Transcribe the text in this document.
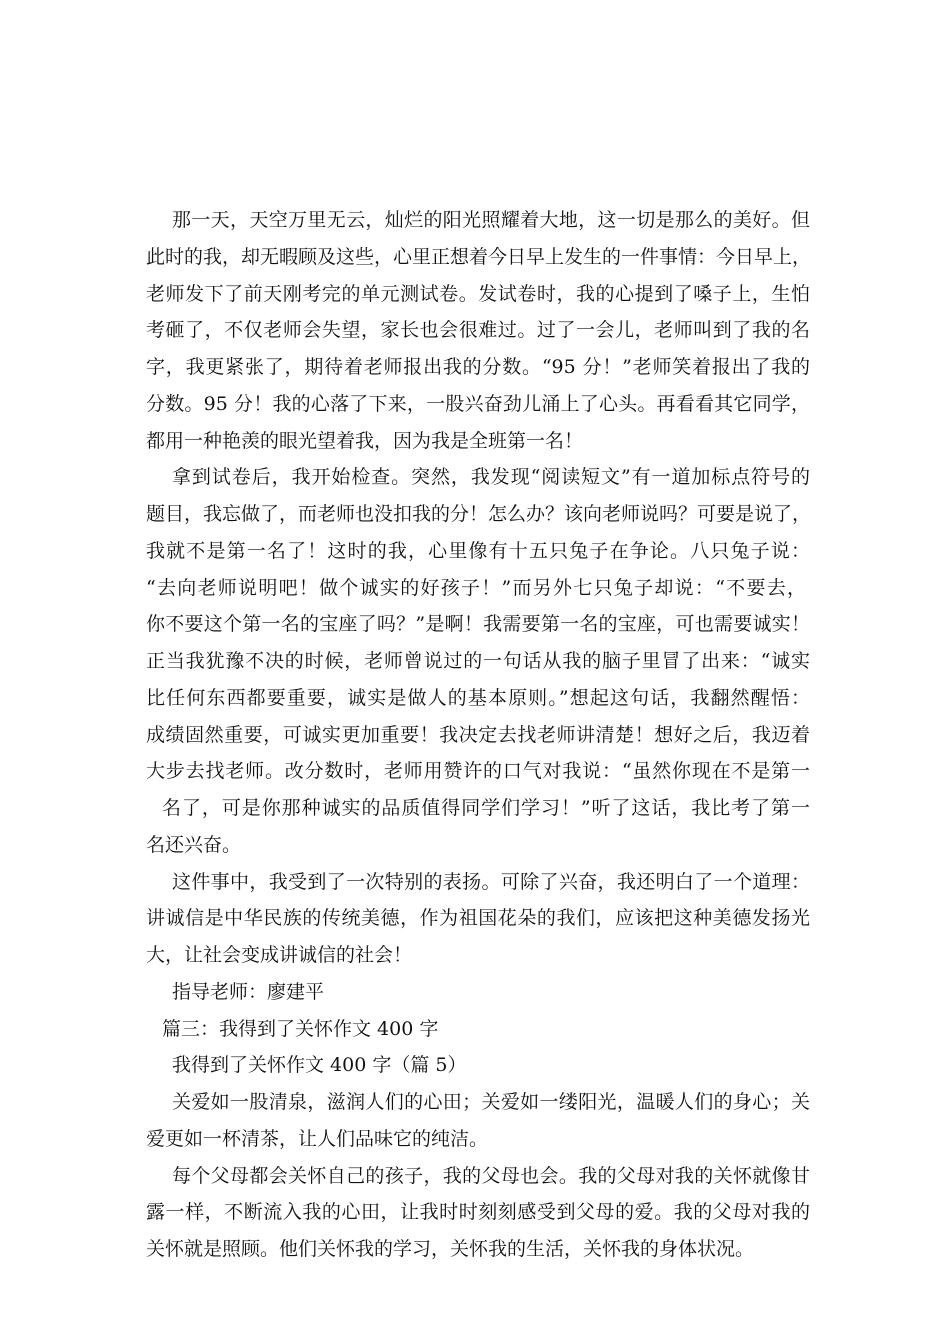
那一天，天空万里无云，灿烂的阳光照耀着大地，这一切是那么的美好。但
此时的我，却无暇顾及这些，心里正想着今日早上发生的一件事情：今日早上，
老师发下了前天刚考完的单元测试卷。发试卷时，我的心提到了嗓子上，生怕
考砸了，不仅老师会失望，家长也会很难过。过了一会儿，老师叫到了我的名
字，我更紧张了，期待着老师报出我的分数。“95 分！”老师笑着报出了我的
分数。95 分！我的心落了下来，一股兴奋劲儿涌上了心头。再看看其它同学，
都用一种艳羡的眼光望着我，因为我是全班第一名！
拿到试卷后，我开始检查。突然，我发现“阅读短文”有一道加标点符号的
题目，我忘做了，而老师也没扣我的分！怎么办？该向老师说吗？可要是说了，
我就不是第一名了！这时的我，心里像有十五只兔子在争论。八只兔子说：
“去向老师说明吧！做个诚实的好孩子！”而另外七只兔子却说：“不要去，
你不要这个第一名的宝座了吗？”是啊！我需要第一名的宝座，可也需要诚实！
正当我犹豫不决的时候，老师曾说过的一句话从我的脑子里冒了出来：“诚实
比任何东西都要重要，诚实是做人的基本原则。”想起这句话，我翻然醒悟：
成绩固然重要，可诚实更加重要！我决定去找老师讲清楚！想好之后，我迈着
大步去找老师。改分数时，老师用赞许的口气对我说：“虽然你现在不是第一
名了，可是你那种诚实的品质值得同学们学习！”听了这话，我比考了第一
名还兴奋。
这件事中，我受到了一次特别的表扬。可除了兴奋，我还明白了一个道理：
讲诚信是中华民族的传统美德，作为祖国花朵的我们，应该把这种美德发扬光
大，让社会变成讲诚信的社会！
指导老师：廖建平
篇三：我得到了关怀作文 400 字
我得到了关怀作文 400 字（篇 5）
关爱如一股清泉，滋润人们的心田；关爱如一缕阳光，温暖人们的身心；关
爱更如一杯清茶，让人们品味它的纯洁。
每个父母都会关怀自己的孩子，我的父母也会。我的父母对我的关怀就像甘
露一样，不断流入我的心田，让我时时刻刻感受到父母的爱。我的父母对我的
关怀就是照顾。他们关怀我的学习，关怀我的生活，关怀我的身体状况。
